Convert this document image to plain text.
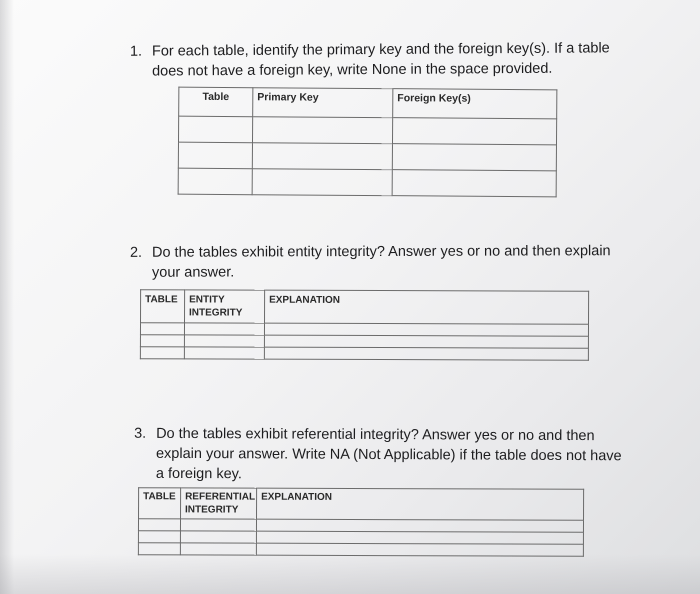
1. For each table, identify the primary key and the foreign key(s). If a table does not have a foreign key, write None in the space provided.
Table	Primary Key	Foreign Key(s)

2. Do the tables exhibit entity integrity? Answer yes or no and then explain your answer.
TABLE	ENTITY INTEGRITY	EXPLANATION

3. Do the tables exhibit referential integrity? Answer yes or no and then explain your answer. Write NA (Not Applicable) if the table does not have a foreign key.
TABLE	REFERENTIAL INTEGRITY	EXPLANATION
